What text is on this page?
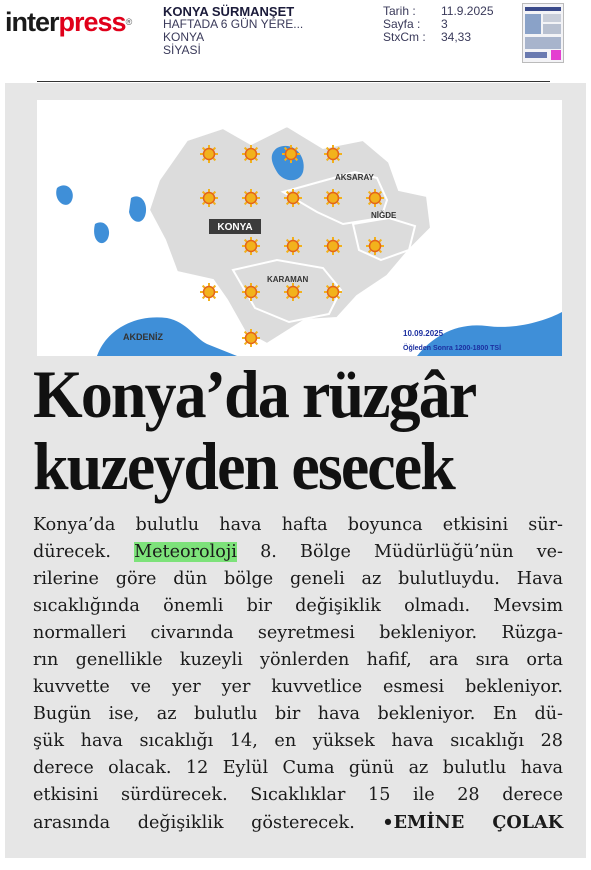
interpress®
KONYA SÜRMANŞET
HAFTADA 6 GÜN YERE...
KONYA
SİYASİ
Tarih :	11.9.2025
Sayfa :	3
StxCm :	34,33
KONYA
AKSARAY
NİĞDE
KARAMAN
AKDENİZ	10.09.2025
Öğleden Sonra 1200-1800 TSİ
Konya’da rüzgâr
kuzeyden esecek
Konya’da bulutlu hava hafta boyunca etkisini sür-
dürecek. Meteoroloji 8. Bölge Müdürlüğü’nün ve-
rilerine göre dün bölge geneli az bulutluydu. Hava
sıcaklığında önemli bir değişiklik olmadı. Mevsim
normalleri civarında seyretmesi bekleniyor. Rüzga-
rın genellikle kuzeyli yönlerden hafif, ara sıra orta
kuvvette ve yer yer kuvvetlice esmesi bekleniyor.
Bugün ise, az bulutlu bir hava bekleniyor. En dü-
şük hava sıcaklığı 14, en yüksek hava sıcaklığı 28
derece olacak. 12 Eylül Cuma günü az bulutlu hava
etkisini sürdürecek. Sıcaklıklar 15 ile 28 derece
arasında değişiklik gösterecek. •EMİNE ÇOLAK
